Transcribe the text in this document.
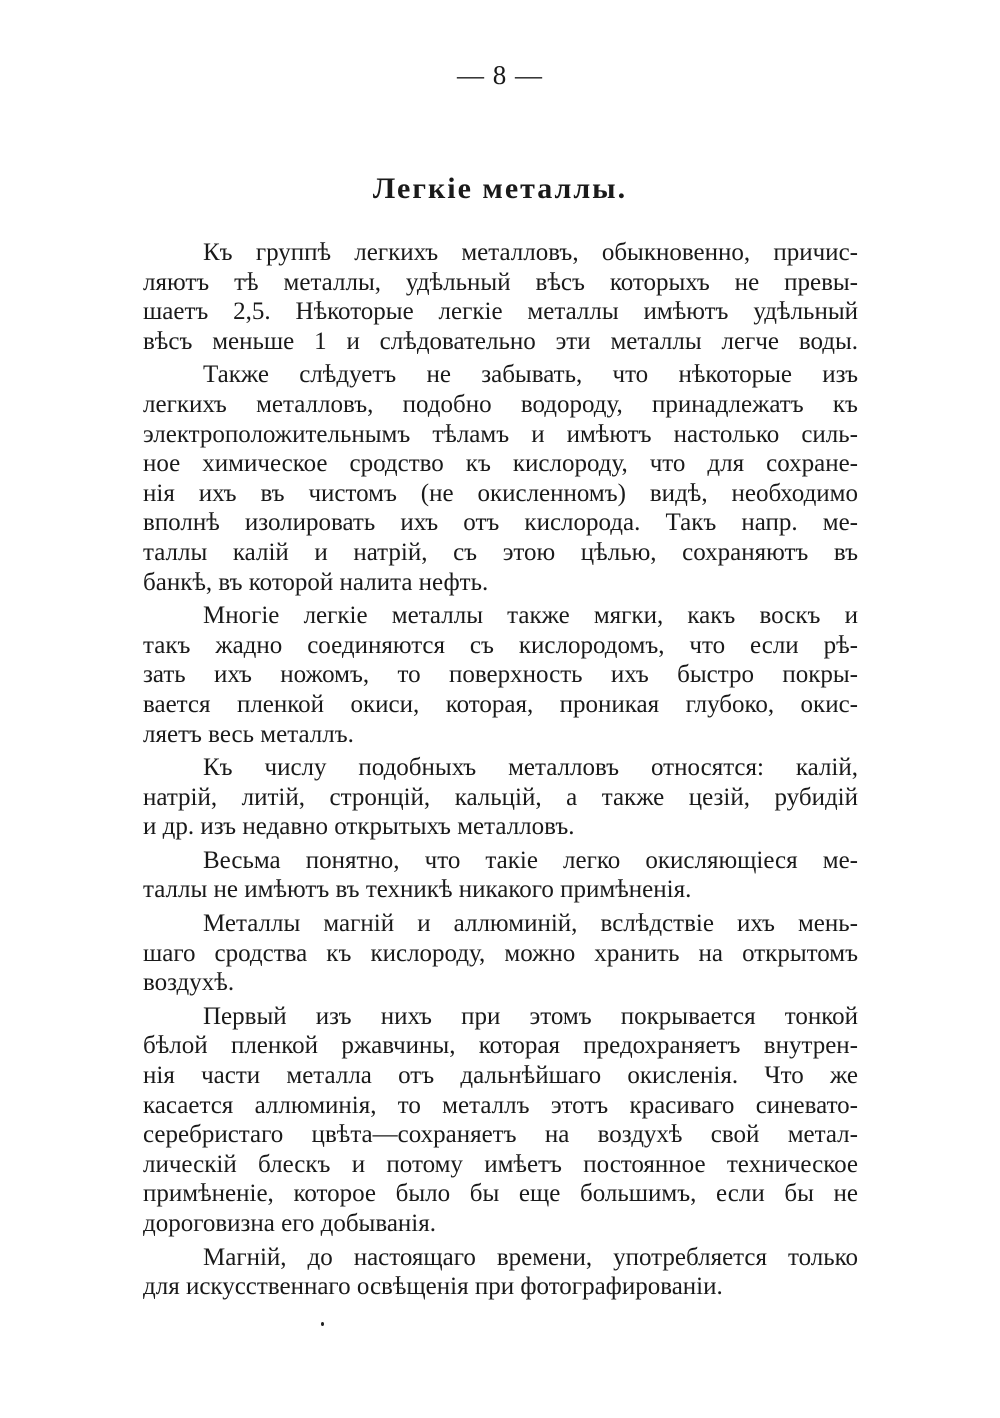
— 8 —
Легкіе металлы.
Къ группѣ легкихъ металловъ, обыкновенно, причис-
ляютъ тѣ металлы, удѣльный вѣсъ которыхъ не превы-
шаетъ 2,5. Нѣкоторые легкіе металлы имѣютъ удѣльный
вѣсъ меньше 1 и слѣдовательно эти металлы легче воды.
Также слѣдуетъ не забывать, что нѣкоторые изъ
легкихъ металловъ, подобно водороду, принадлежатъ къ
электроположительнымъ тѣламъ и имѣютъ настолько силь-
ное химическое сродство къ кислороду, что для сохране-
нія ихъ въ чистомъ (не окисленномъ) видѣ, необходимо
вполнѣ изолировать ихъ отъ кислорода. Такъ напр. ме-
таллы калій и натрій, съ этою цѣлью, сохраняютъ въ
банкѣ, въ которой налита нефть.
Многіе легкіе металлы также мягки, какъ воскъ и
такъ жадно соединяются съ кислородомъ, что если рѣ-
зать ихъ ножомъ, то поверхность ихъ быстро покры-
вается пленкой окиси, которая, проникая глубоко, окис-
ляетъ весь металлъ.
Къ числу подобныхъ металловъ относятся: калій,
натрій, литій, стронцій, кальцій, а также цезій, рубидій
и др. изъ недавно открытыхъ металловъ.
Весьма понятно, что такіе легко окисляющіеся ме-
таллы не имѣютъ въ техникѣ никакого примѣненія.
Металлы магній и аллюминій, вслѣдствіе ихъ мень-
шаго сродства къ кислороду, можно хранить на открытомъ
воздухѣ.
Первый изъ нихъ при этомъ покрывается тонкой
бѣлой пленкой ржавчины, которая предохраняетъ внутрен-
нія части металла отъ дальнѣйшаго окисленія. Что же
касается аллюминія, то металлъ этотъ красиваго синевато-
серебристаго цвѣта—сохраняетъ на воздухѣ свой метал-
лическій блескъ и потому имѣетъ постоянное техническое
примѣненіе, которое было бы еще большимъ, если бы не
дороговизна его добыванія.
Магній, до настоящаго времени, употребляется только
для искусственнаго освѣщенія при фотографированіи.
